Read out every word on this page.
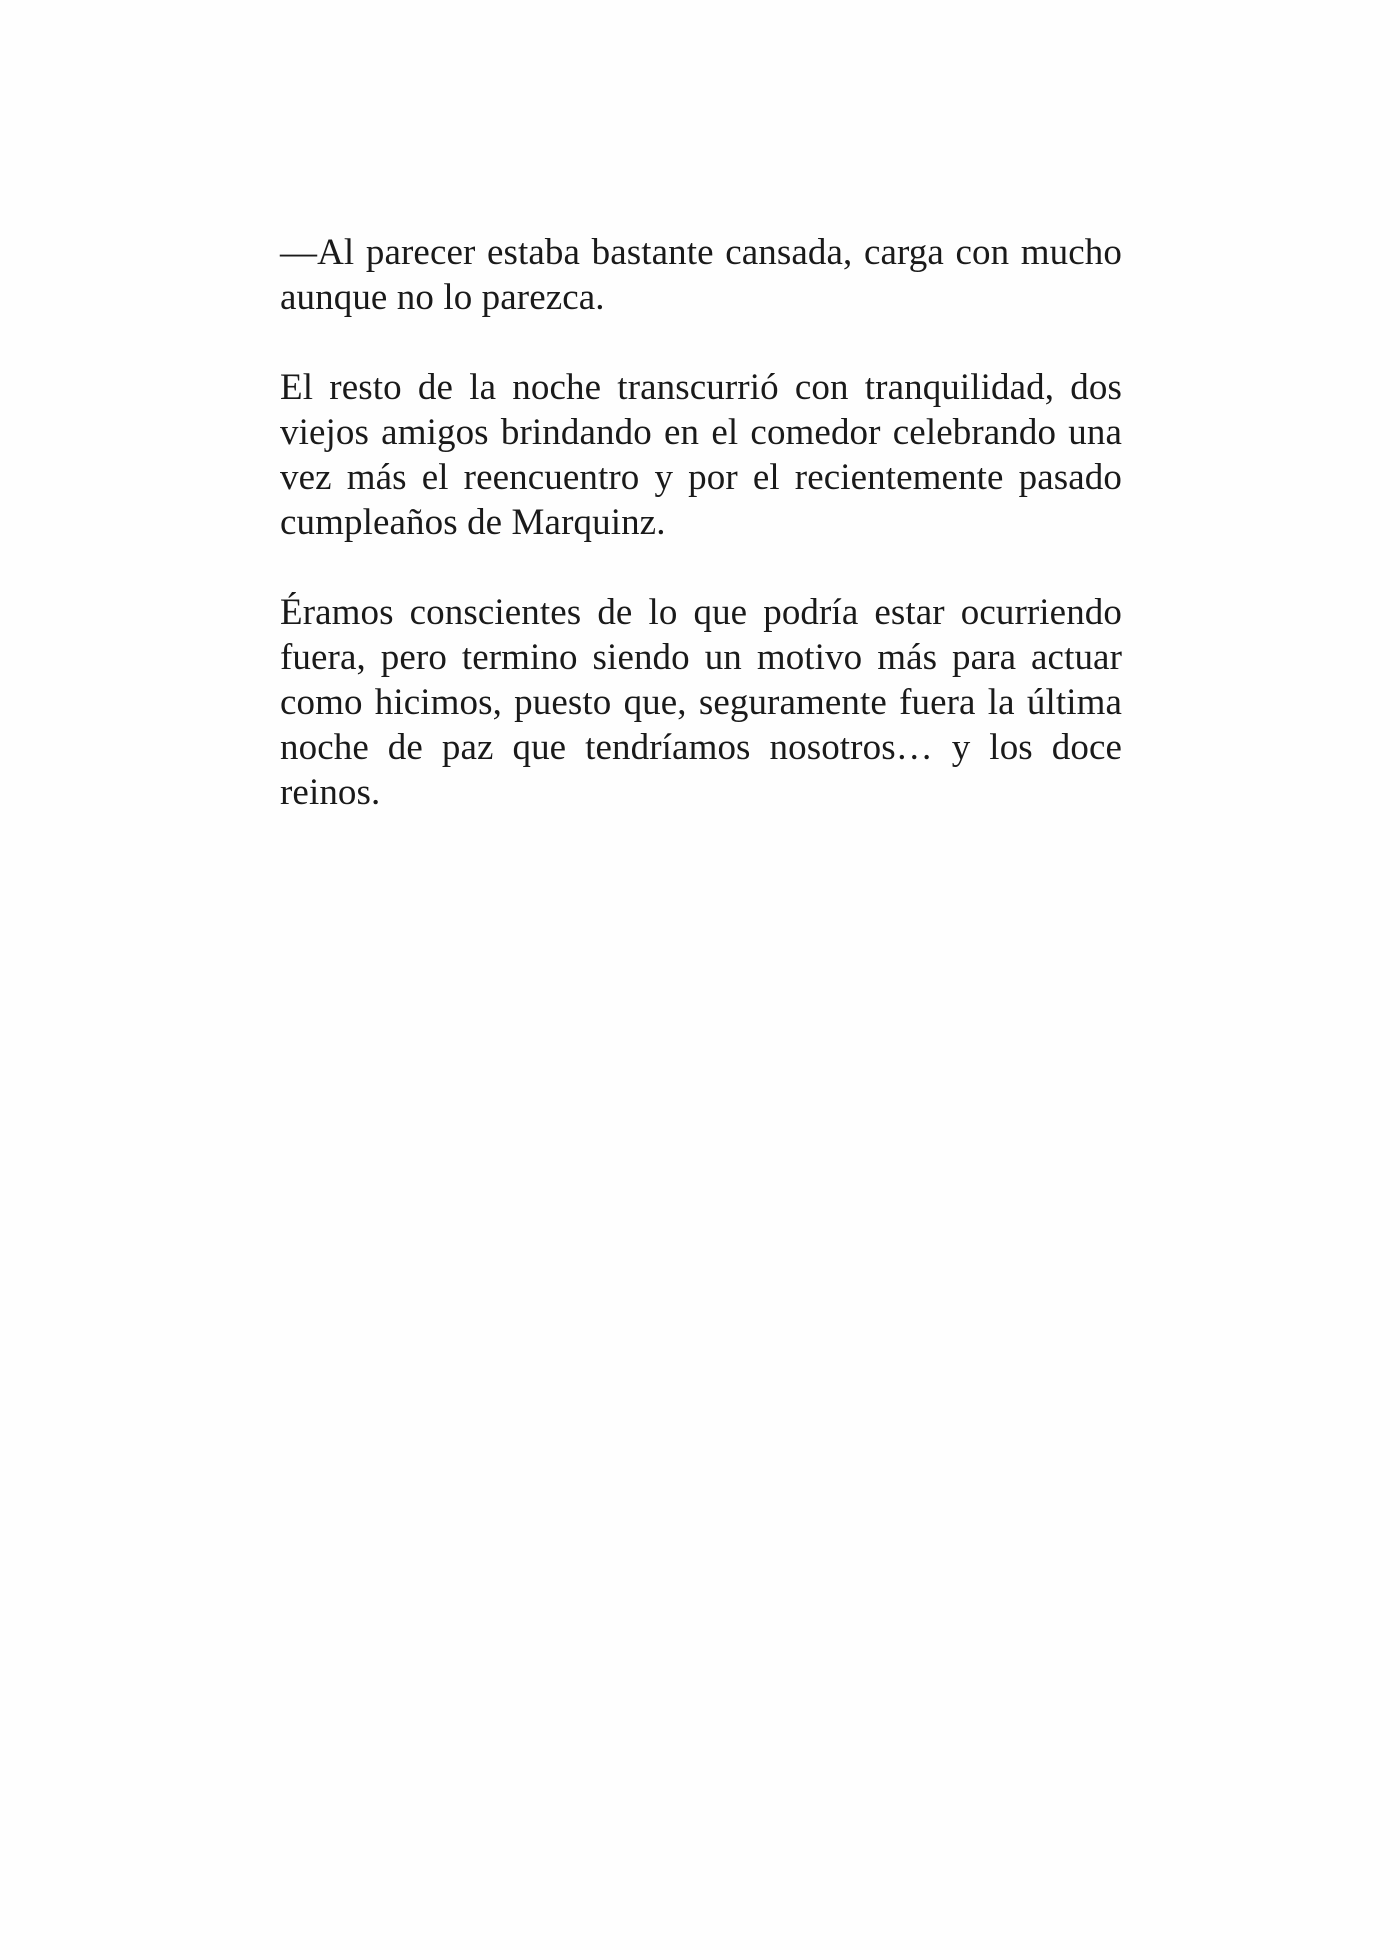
—Al parecer estaba bastante cansada, carga con mucho aunque no lo parezca.

El resto de la noche transcurrió con tranquilidad, dos viejos amigos brindando en el comedor celebrando una vez más el reencuentro y por el recientemente pasado cumpleaños de Marquinz.

Éramos conscientes de lo que podría estar ocurriendo fuera, pero termino siendo un motivo más para actuar como hicimos, puesto que, seguramente fuera la última noche de paz que tendríamos nosotros… y los doce reinos.
